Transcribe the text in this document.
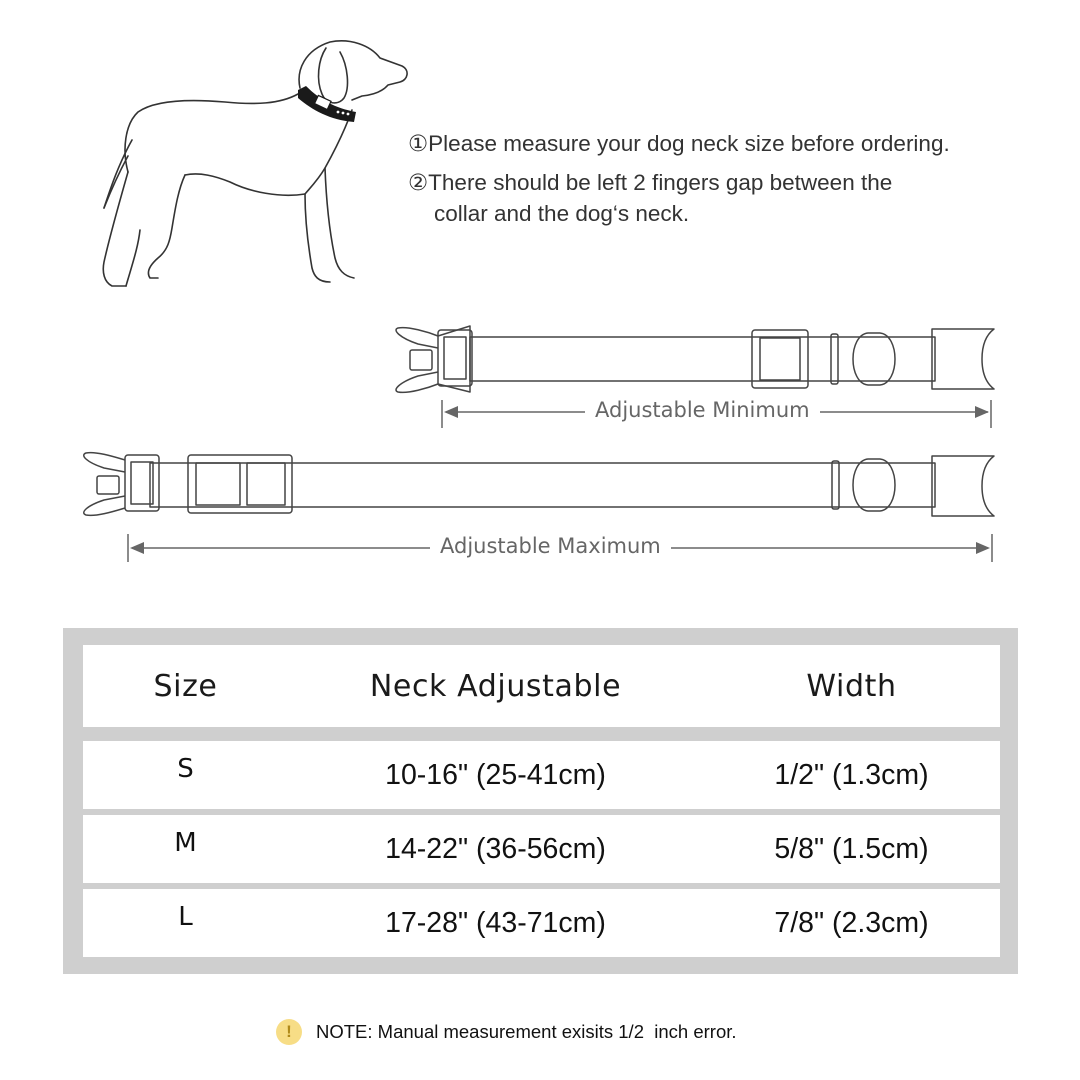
①Please measure your dog neck size before ordering.
②There should be left 2 fingers gap between the
collar and the dog‘s neck.
Adjustable Minimum
Adjustable Maximum
Size	Neck Adjustable	Width
S	10-16" (25-41cm)	1/2" (1.3cm)
M	14-22" (36-56cm)	5/8" (1.5cm)
L	17-28" (43-71cm)	7/8" (2.3cm)
!	NOTE: Manual measurement exisits 1/2  inch error.
